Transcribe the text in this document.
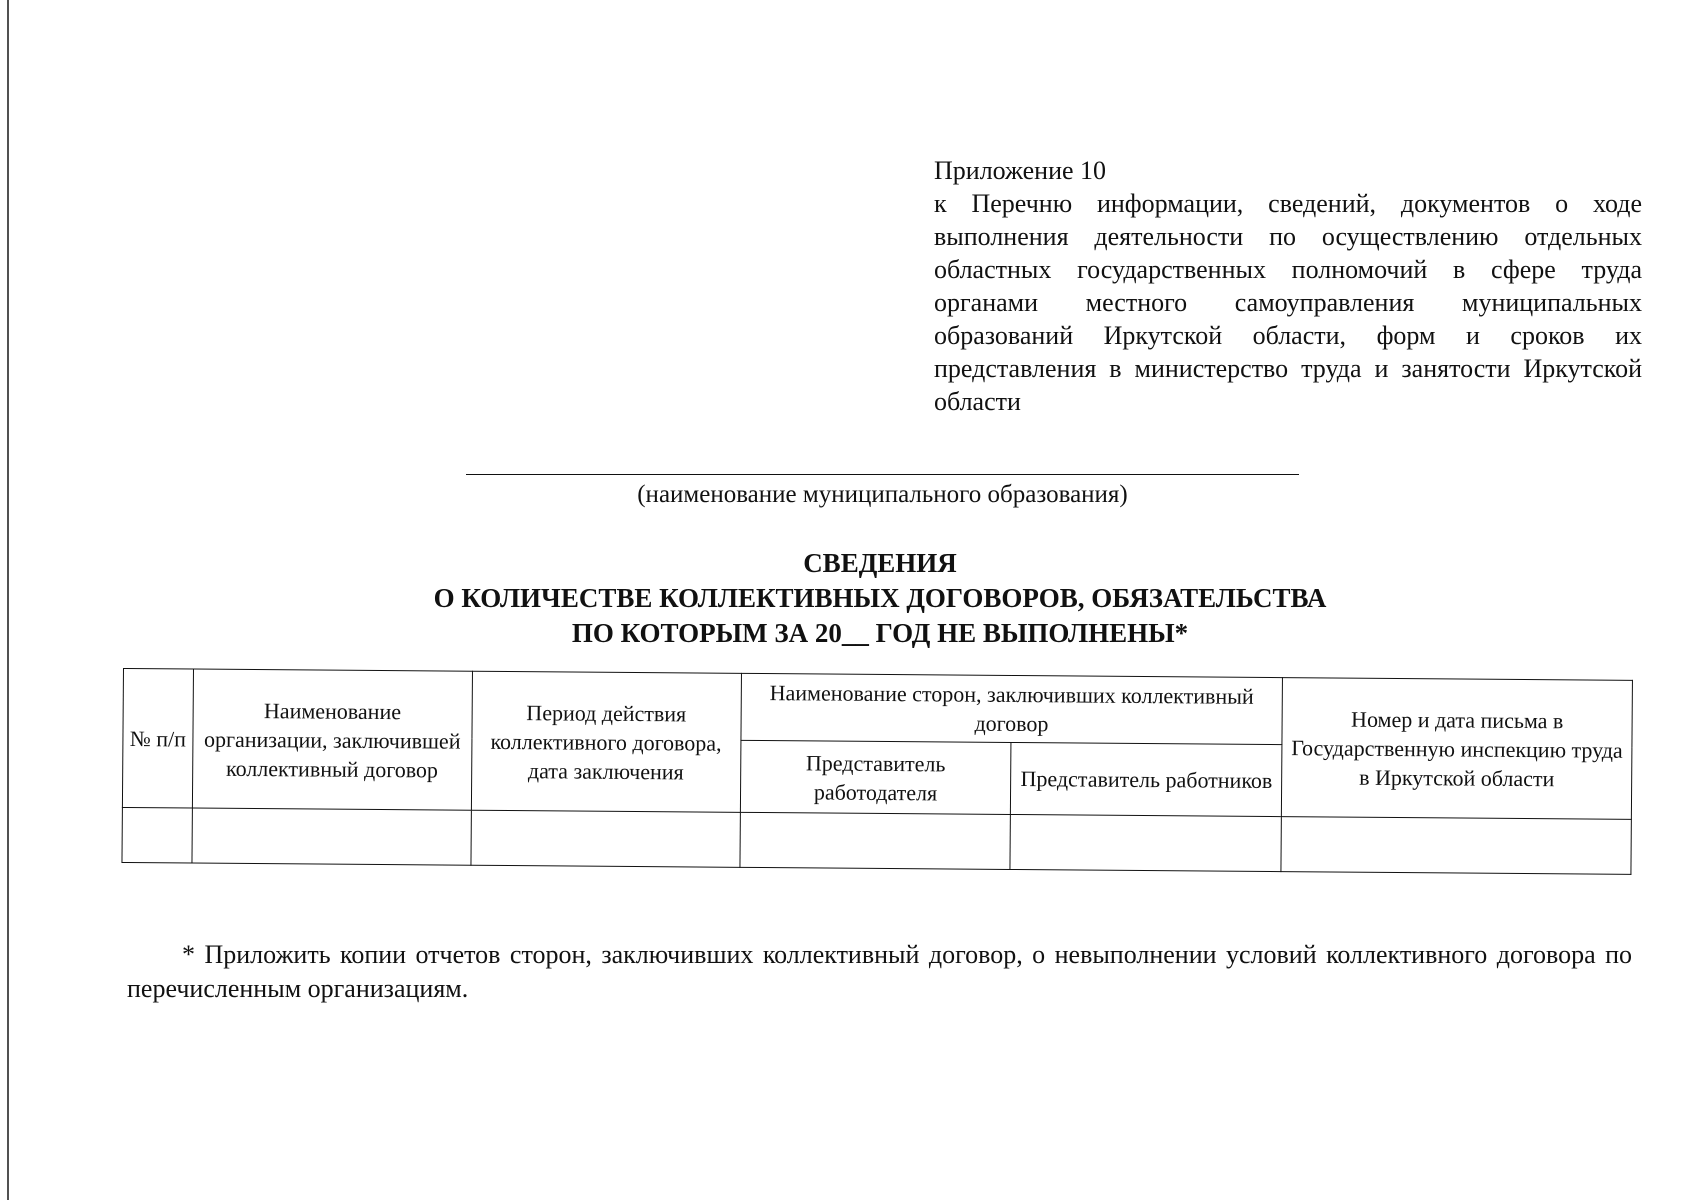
Приложение 10
к Перечню информации, сведений, документов о ходе выполнения деятельности по осуществлению отдельных областных государственных полномочий в сфере труда органами местного самоуправления муниципальных образований Иркутской области, форм и сроков их представления в министерство труда и занятости Иркутской области
(наименование муниципального образования)
СВЕДЕНИЯ
О КОЛИЧЕСТВЕ КОЛЛЕКТИВНЫХ ДОГОВОРОВ, ОБЯЗАТЕЛЬСТВА
ПО КОТОРЫМ ЗА 20__ ГОД НЕ ВЫПОЛНЕНЫ*
№ п/п	Наименование организации, заключившей коллективный договор	Период действия коллективного договора, дата заключения	Наименование сторон, заключивших коллективный договор		Номер и дата письма в Государственную инспекцию труда в Иркутской области
			Представитель работодателя	Представитель работников	

* Приложить копии отчетов сторон, заключивших коллективный договор, о невыполнении условий коллективного договора по перечисленным организациям.
